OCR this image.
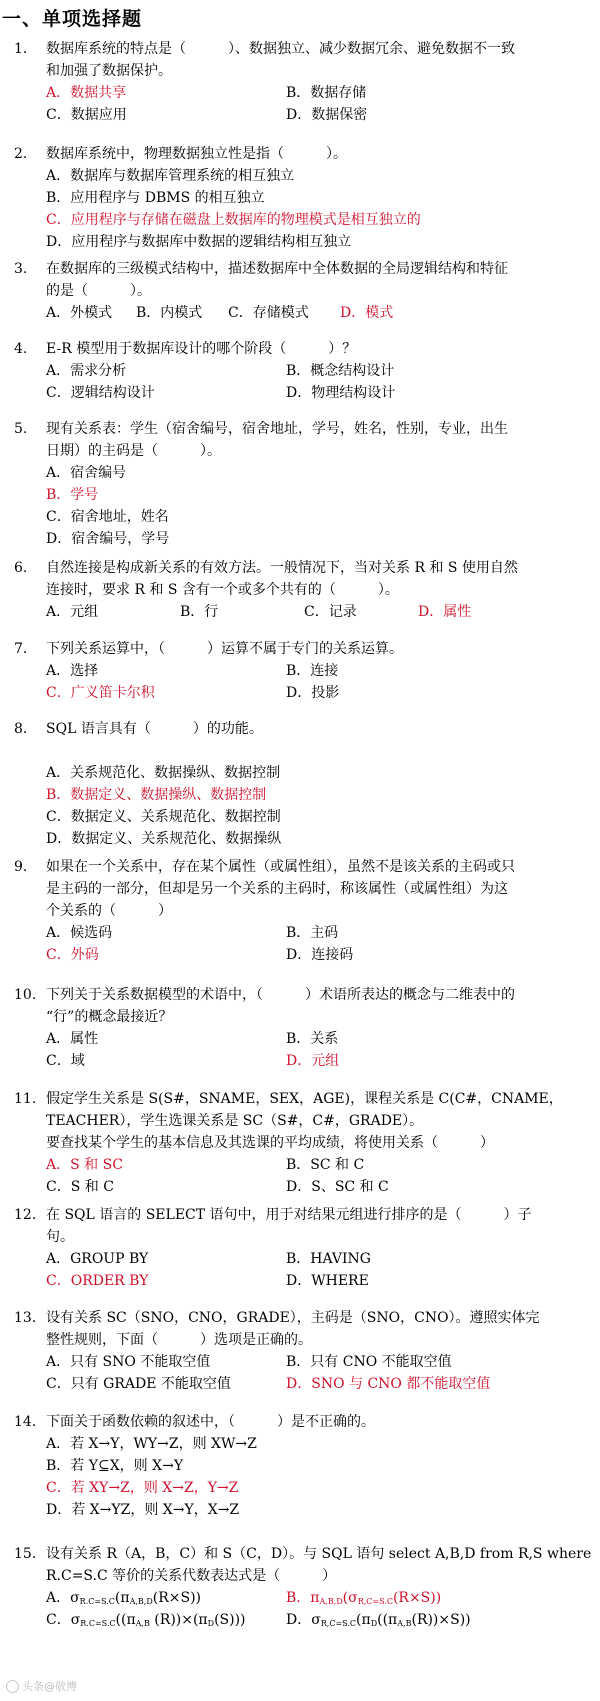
一、单项选择题
1. 数据库系统的特点是（　　　）、数据独立、减少数据冗余、避免数据不一致
和加强了数据保护。
A．数据共享	B．数据存储
C．数据应用	D．数据保密
2. 数据库系统中，物理数据独立性是指（　　　）。
A．数据库与数据库管理系统的相互独立
B．应用程序与 DBMS 的相互独立
C．应用程序与存储在磁盘上数据库的物理模式是相互独立的
D．应用程序与数据库中数据的逻辑结构相互独立
3. 在数据库的三级模式结构中，描述数据库中全体数据的全局逻辑结构和特征
的是（　　　）。
A．外模式 B．内模式 C．存储模式 D．模式
4. E-R 模型用于数据库设计的哪个阶段（　　　）？
A．需求分析	B．概念结构设计
C．逻辑结构设计	D．物理结构设计
5. 现有关系表：学生（宿舍编号，宿舍地址，学号，姓名，性别，专业，出生
日期）的主码是（　　　）。
A．宿舍编号
B．学号
C．宿舍地址，姓名
D．宿舍编号，学号
6. 自然连接是构成新关系的有效方法。一般情况下，当对关系 R 和 S 使用自然
连接时，要求 R 和 S 含有一个或多个共有的（　　　）。
A．元组	B．行	C．记录	D．属性
7. 下列关系运算中，（　　　）运算不属于专门的关系运算。
A．选择	B．连接
C．广义笛卡尔积	D．投影
8. SQL 语言具有（　　　）的功能。
A．关系规范化、数据操纵、数据控制
B．数据定义、数据操纵、数据控制
C．数据定义、关系规范化、数据控制
D．数据定义、关系规范化、数据操纵
9. 如果在一个关系中，存在某个属性（或属性组），虽然不是该关系的主码或只
是主码的一部分，但却是另一个关系的主码时，称该属性（或属性组）为这
个关系的（　　　）
A．候选码	B．主码
C．外码	D．连接码
10. 下列关于关系数据模型的术语中，（　　　）术语所表达的概念与二维表中的
“行”的概念最接近？
A．属性	B．关系
C．域	D．元组
11. 假定学生关系是 S(S#，SNAME，SEX，AGE)，课程关系是 C(C#，CNAME，
TEACHER），学生选课关系是 SC（S#，C#，GRADE）。
要查找某个学生的基本信息及其选课的平均成绩，将使用关系（　　　）
A．S 和 SC	B．SC 和 C
C．S 和 C	D．S、SC 和 C
12. 在 SQL 语言的 SELECT 语句中，用于对结果元组进行排序的是（　　　）子
句。
A．GROUP BY	B．HAVING
C．ORDER BY	D．WHERE
13. 设有关系 SC（SNO，CNO，GRADE），主码是（SNO，CNO）。遵照实体完
整性规则，下面（　　　）选项是正确的。
A．只有 SNO 不能取空值	B．只有 CNO 不能取空值
C．只有 GRADE 不能取空值	D．SNO 与 CNO 都不能取空值
14. 下面关于函数依赖的叙述中，（　　　）是不正确的。
A．若 X→Y，WY→Z，则 XW→Z
B．若 Y⊆X，则 X→Y
C．若 XY→Z，则 X→Z，Y→Z
D．若 X→YZ，则 X→Y，X→Z
15. 设有关系 R（A，B，C）和 S（C，D）。与 SQL 语句 select A,B,D from R,S where
R.C=S.C 等价的关系代数表达式是（　　　）
A．$\sigma_{R.C=S.C}(\pi_{A,B,D}(R\times S))$	B．$\pi_{A,B,D}(\sigma_{R,C=S.C}(R\times S))$
C．$\sigma_{R.C=S.C}((\pi_{A,B}$ $(R))\times(\pi_D(S))$)	D．$\sigma_{R,C=S.C}(\pi_D((\pi_{A,B}(R))\times S))$
头条@敬博
